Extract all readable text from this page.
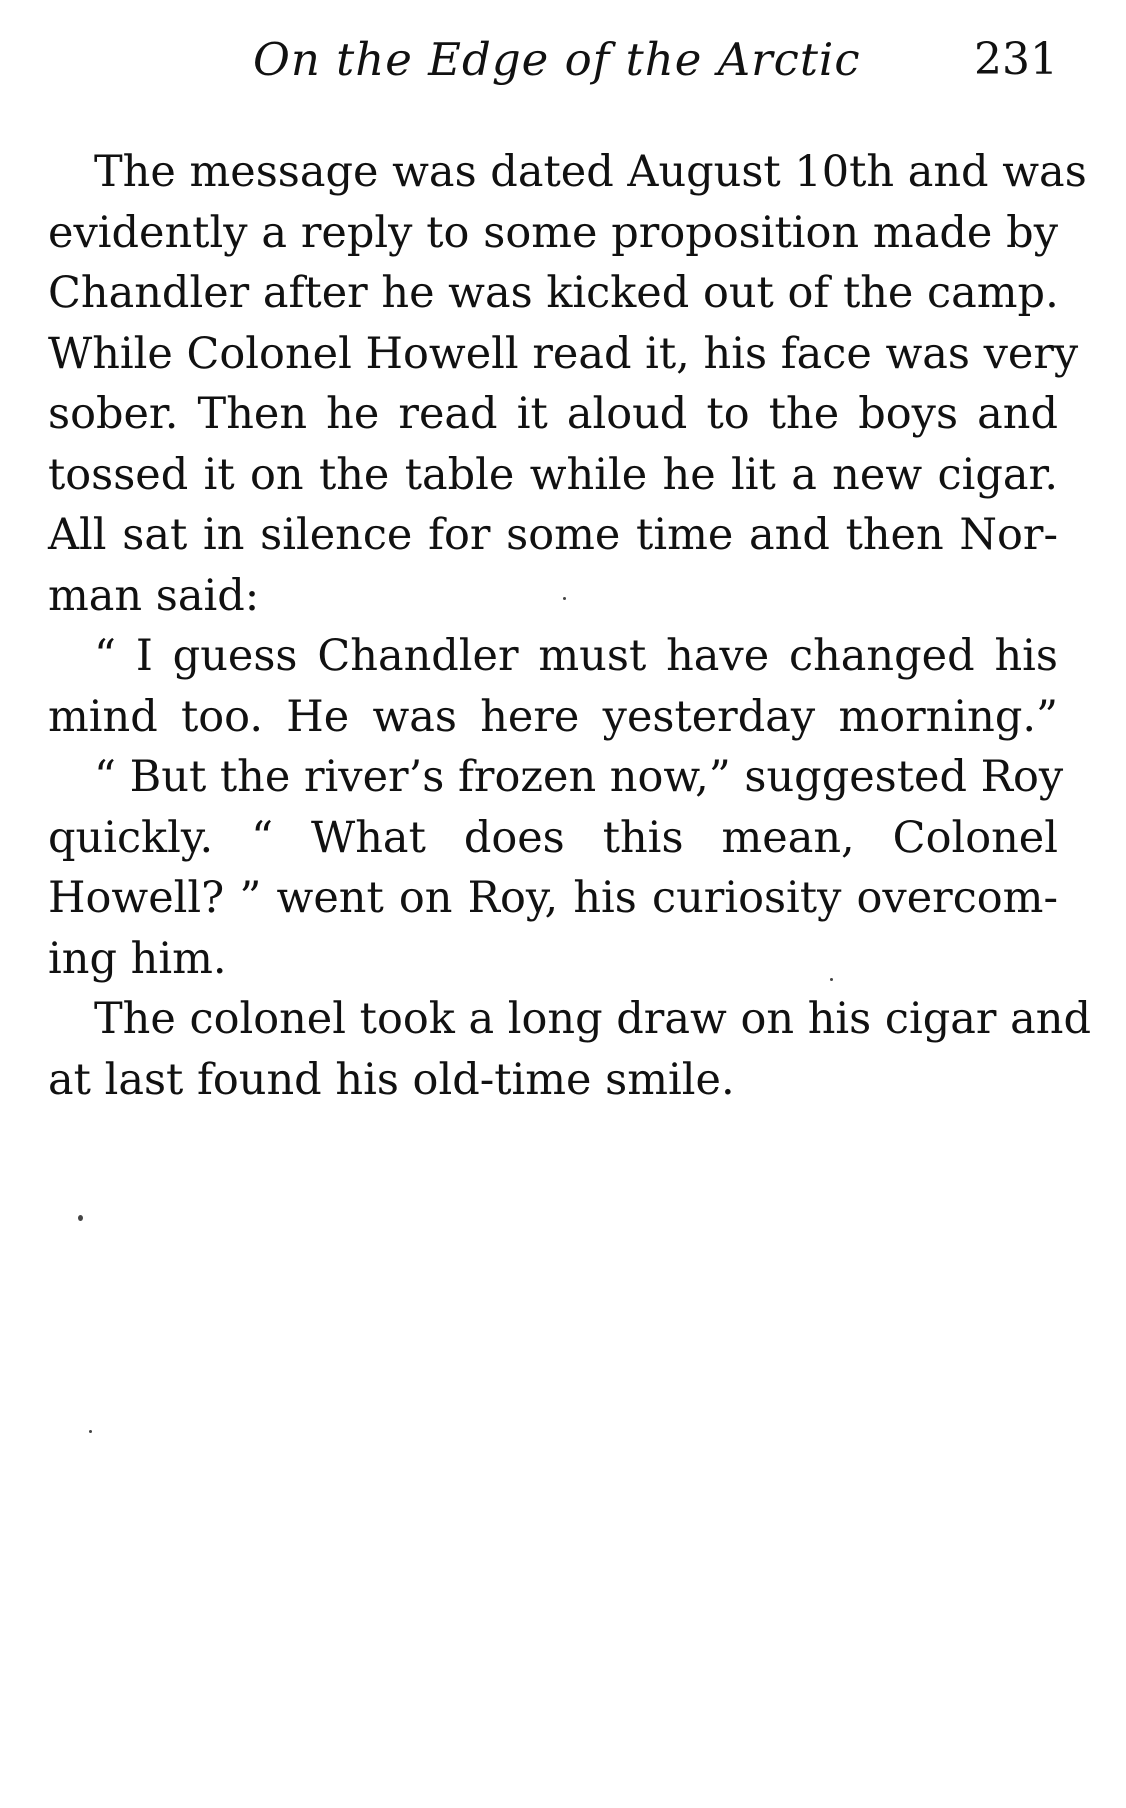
On the Edge of the Arctic	231
The message was dated August 10th and was
evidently a reply to some proposition made by
Chandler after he was kicked out of the camp.
While Colonel Howell read it, his face was very
sober. Then he read it aloud to the boys and
tossed it on the table while he lit a new cigar.
All sat in silence for some time and then Nor-
man said:
“ I guess Chandler must have changed his
mind too. He was here yesterday morning.”
“ But the river’s frozen now,” suggested Roy
quickly. “ What does this mean, Colonel
Howell? ” went on Roy, his curiosity overcom-
ing him.
The colonel took a long draw on his cigar and
at last found his old-time smile.
